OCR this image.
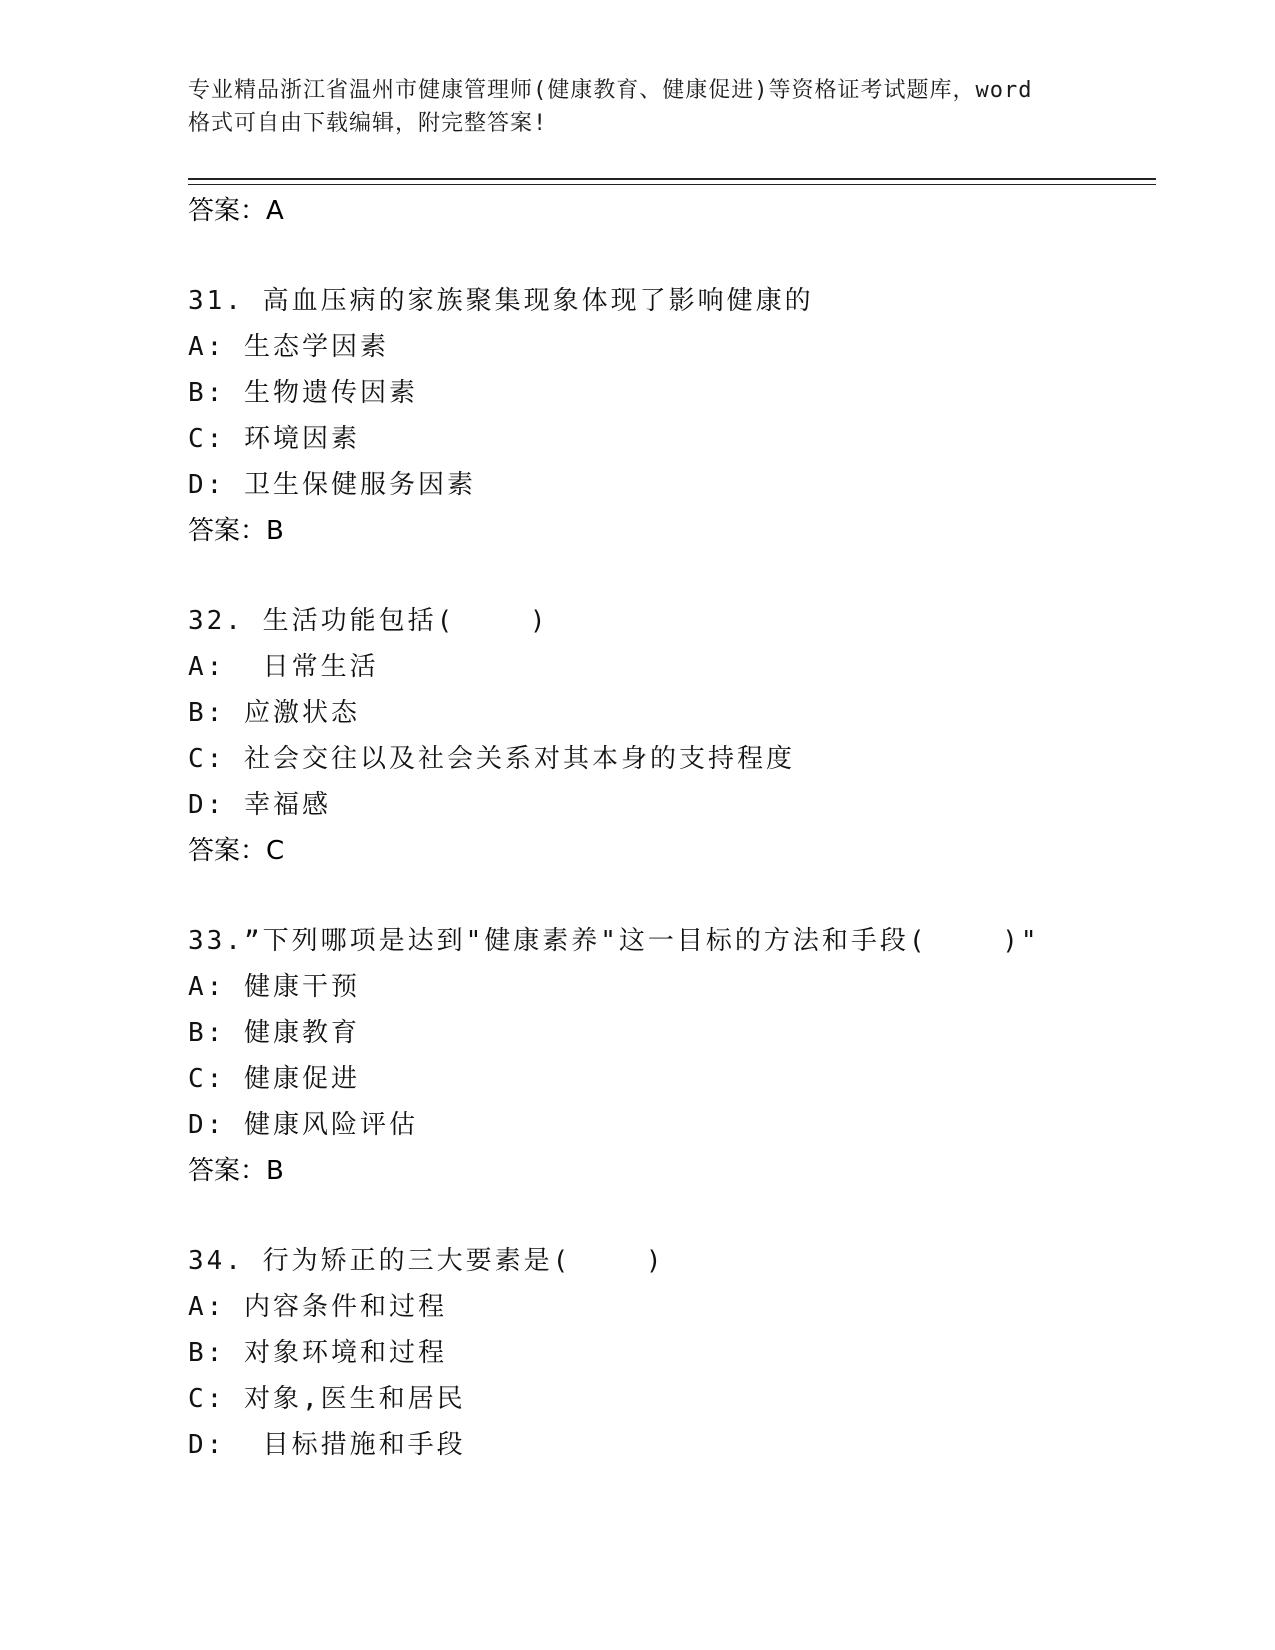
专业精品浙江省温州市健康管理师(健康教育、健康促进)等资格证考试题库，word
格式可自由下载编辑，附完整答案!
答案：A
31. 高血压病的家族聚集现象体现了影响健康的
A: 生态学因素
B: 生物遗传因素
C: 环境因素
D: 卫生保健服务因素
答案：B
32. 生活功能包括(    )
A:  日常生活
B: 应激状态
C: 社会交往以及社会关系对其本身的支持程度
D: 幸福感
答案：C
33.”下列哪项是达到"健康素养"这一目标的方法和手段(    )"
A: 健康干预
B: 健康教育
C: 健康促进
D: 健康风险评估
答案：B
34. 行为矫正的三大要素是(    )
A: 内容条件和过程
B: 对象环境和过程
C: 对象,医生和居民
D:  目标措施和手段
